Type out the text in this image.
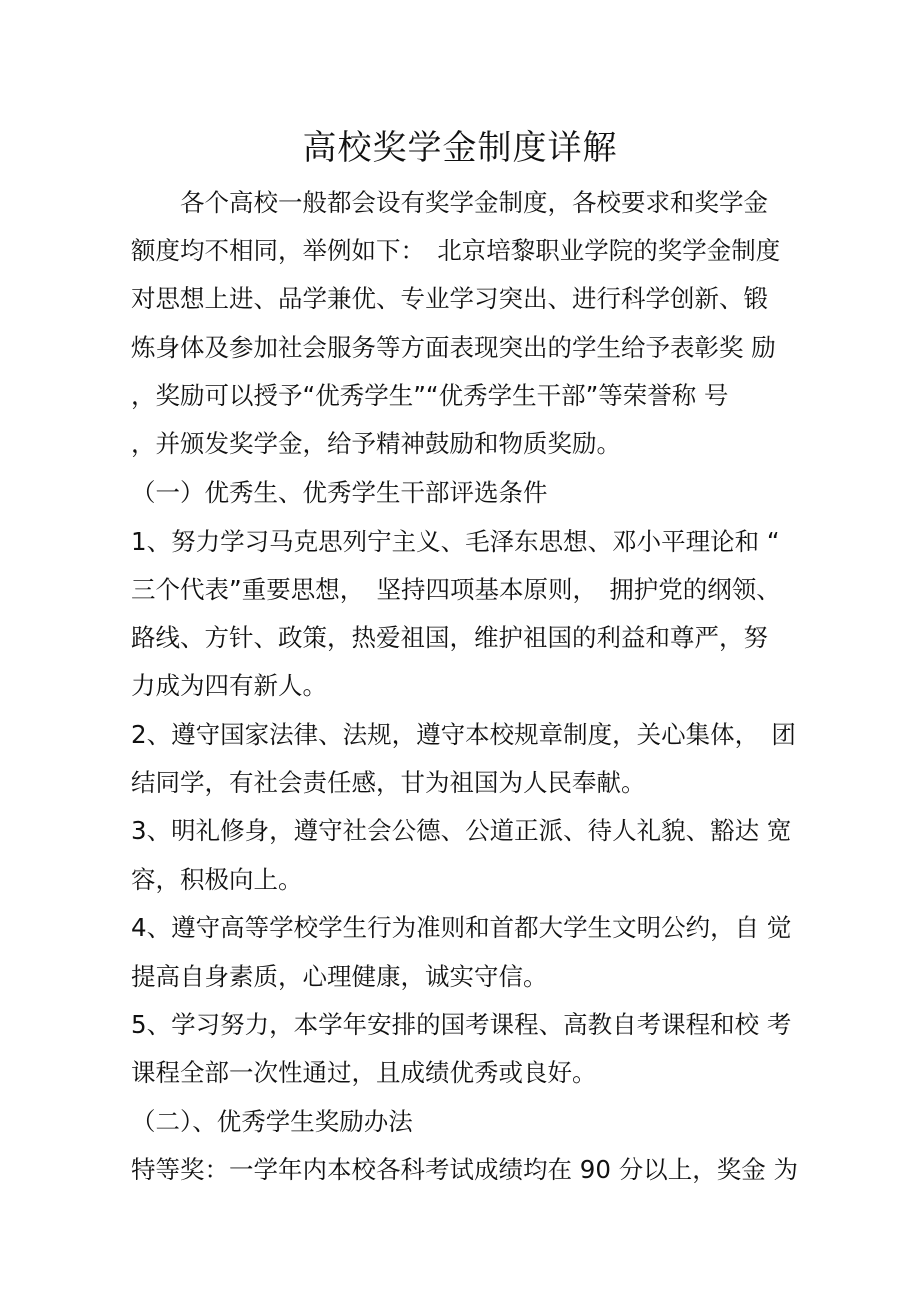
高校奖学金制度详解

　　各个高校一般都会设有奖学金制度，各校要求和奖学金

额度均不相同，举例如下：　北京培黎职业学院的奖学金制度

对思想上进、品学兼优、专业学习突出、进行科学创新、锻

炼身体及参加社会服务等方面表现突出的学生给予表彰奖 励

，奖励可以授予“优秀学生”“优秀学生干部”等荣誉称 号

，并颁发奖学金，给予精神鼓励和物质奖励。

（一）优秀生、优秀学生干部评选条件

1、努力学习马克思列宁主义、毛泽东思想、邓小平理论和 “

三个代表”重要思想，　坚持四项基本原则，　拥护党的纲领、

路线、方针、政策，热爱祖国，维护祖国的利益和尊严，努

力成为四有新人。

2、遵守国家法律、法规，遵守本校规章制度，关心集体，　团

结同学，有社会责任感，甘为祖国为人民奉献。

3、明礼修身，遵守社会公德、公道正派、待人礼貌、豁达 宽

容，积极向上。

4、遵守高等学校学生行为准则和首都大学生文明公约，自 觉

提高自身素质，心理健康，诚实守信。

5、学习努力，本学年安排的国考课程、高教自考课程和校 考

课程全部一次性通过，且成绩优秀或良好。

（二）、优秀学生奖励办法

特等奖：一学年内本校各科考试成绩均在 90 分以上，奖金 为
